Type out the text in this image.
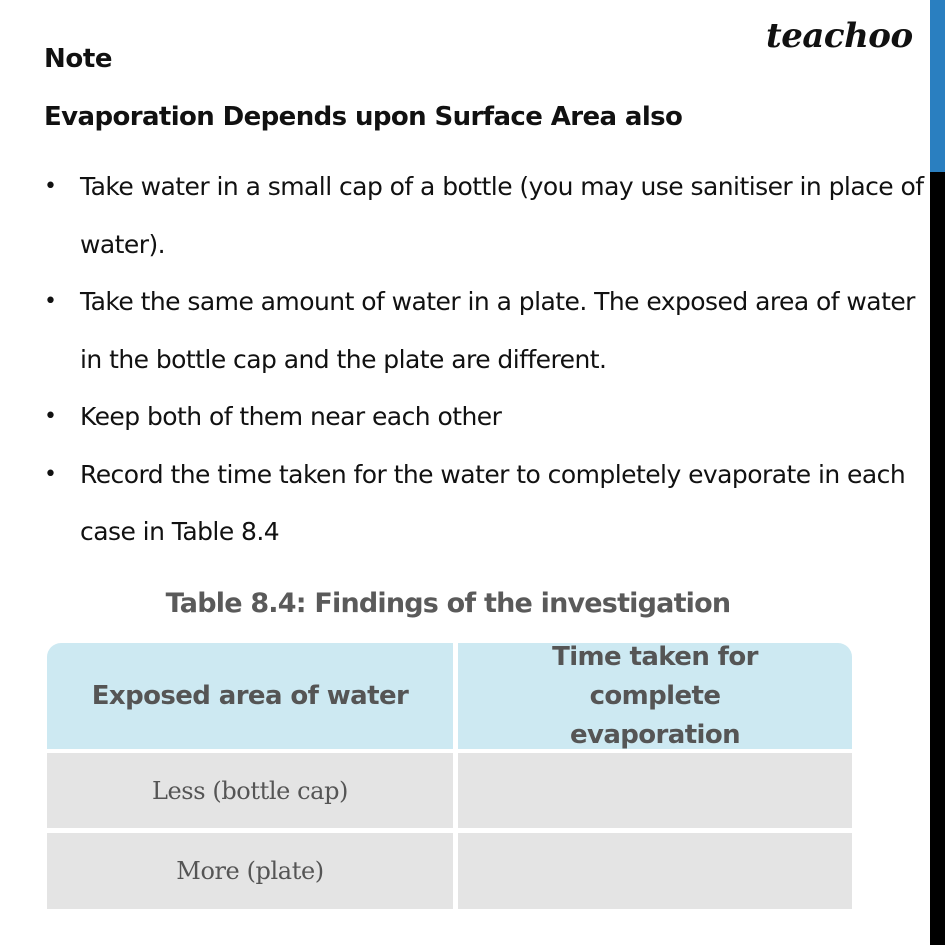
teachoo
Note
Evaporation Depends upon Surface Area also
• Take water in a small cap of a bottle (you may use sanitiser in place of water).
• Take the same amount of water in a plate. The exposed area of water in the bottle cap and the plate are different.
• Keep both of them near each other
• Record the time taken for the water to completely evaporate in each case in Table 8.4
Table 8.4: Findings of the investigation
Exposed area of water
Time taken for complete evaporation
Less (bottle cap)
More (plate)
